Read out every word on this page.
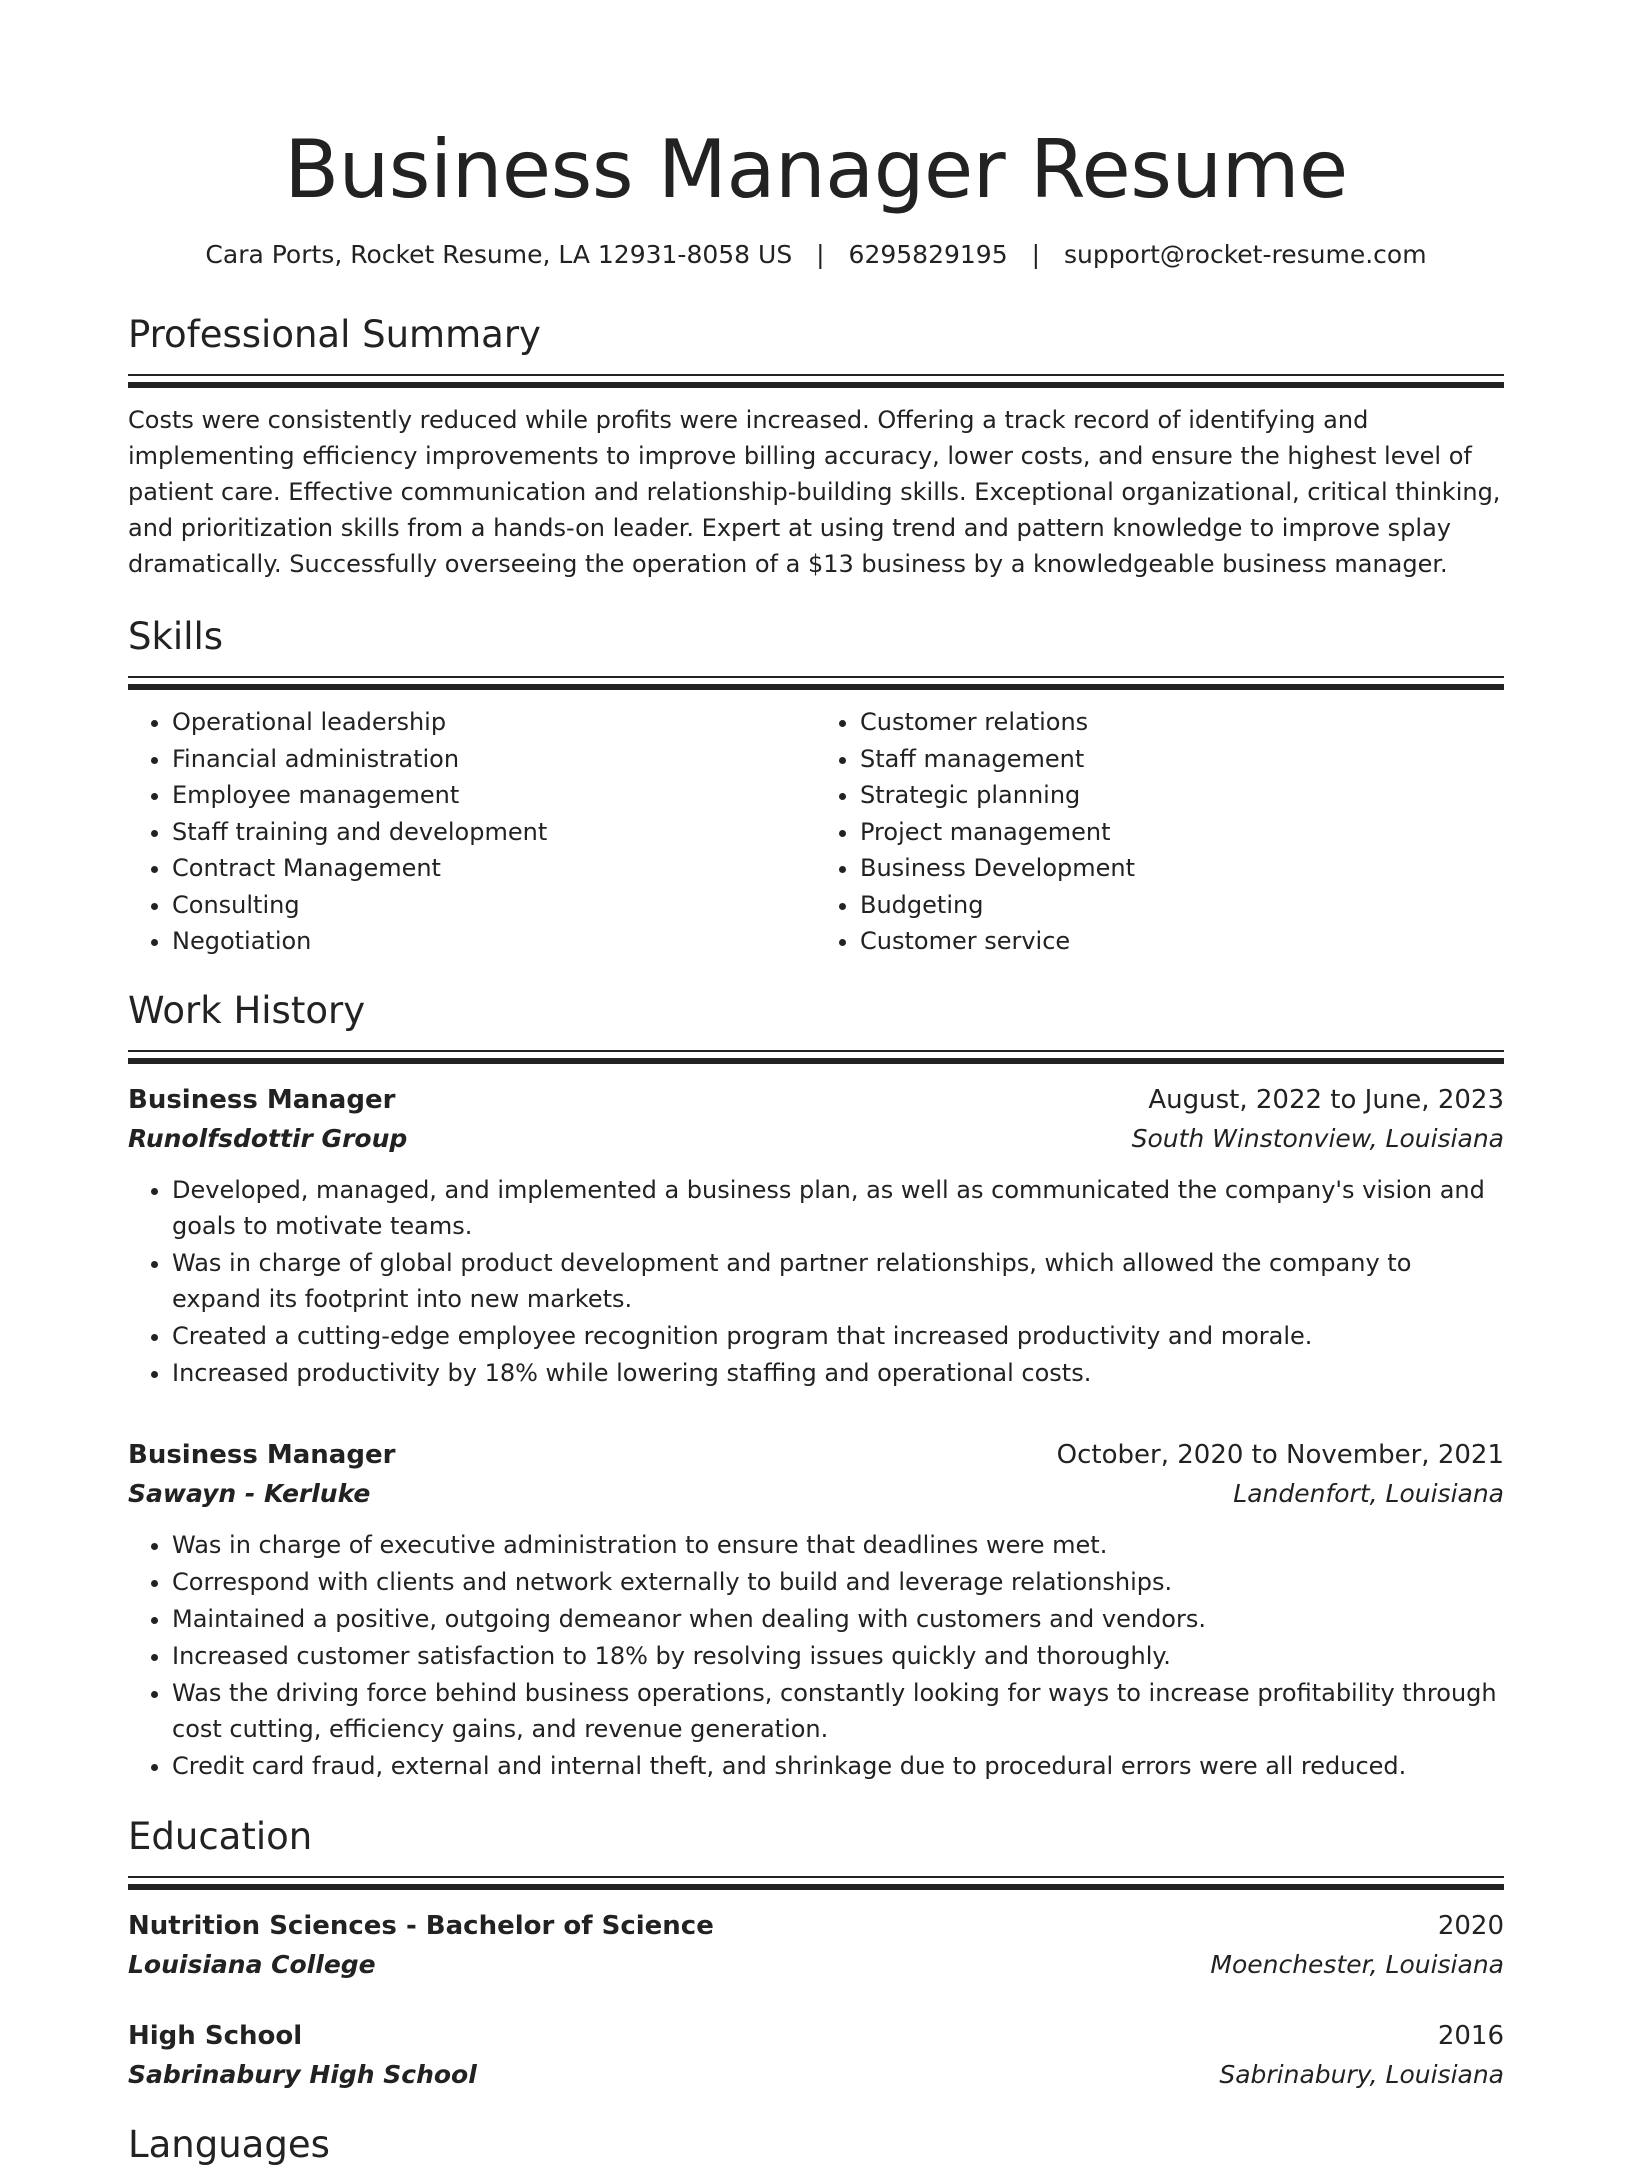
Business Manager Resume
Cara Ports, Rocket Resume, LA 12931-8058 US | 6295829195 | support@rocket-resume.com
Professional Summary
Costs were consistently reduced while profits were increased. Offering a track record of identifying and implementing efficiency improvements to improve billing accuracy, lower costs, and ensure the highest level of patient care. Effective communication and relationship-building skills. Exceptional organizational, critical thinking, and prioritization skills from a hands-on leader. Expert at using trend and pattern knowledge to improve splay dramatically. Successfully overseeing the operation of a $13 business by a knowledgeable business manager.
Skills
• Operational leadership
• Financial administration
• Employee management
• Staff training and development
• Contract Management
• Consulting
• Negotiation
• Customer relations
• Staff management
• Strategic planning
• Project management
• Business Development
• Budgeting
• Customer service
Work History
Business Manager	August, 2022 to June, 2023
Runolfsdottir Group	South Winstonview, Louisiana
• Developed, managed, and implemented a business plan, as well as communicated the company's vision and goals to motivate teams.
• Was in charge of global product development and partner relationships, which allowed the company to expand its footprint into new markets.
• Created a cutting-edge employee recognition program that increased productivity and morale.
• Increased productivity by 18% while lowering staffing and operational costs.
Business Manager	October, 2020 to November, 2021
Sawayn - Kerluke	Landenfort, Louisiana
• Was in charge of executive administration to ensure that deadlines were met.
• Correspond with clients and network externally to build and leverage relationships.
• Maintained a positive, outgoing demeanor when dealing with customers and vendors.
• Increased customer satisfaction to 18% by resolving issues quickly and thoroughly.
• Was the driving force behind business operations, constantly looking for ways to increase profitability through cost cutting, efficiency gains, and revenue generation.
• Credit card fraud, external and internal theft, and shrinkage due to procedural errors were all reduced.
Education
Nutrition Sciences - Bachelor of Science	2020
Louisiana College	Moenchester, Louisiana
High School	2016
Sabrinabury High School	Sabrinabury, Louisiana
Languages
